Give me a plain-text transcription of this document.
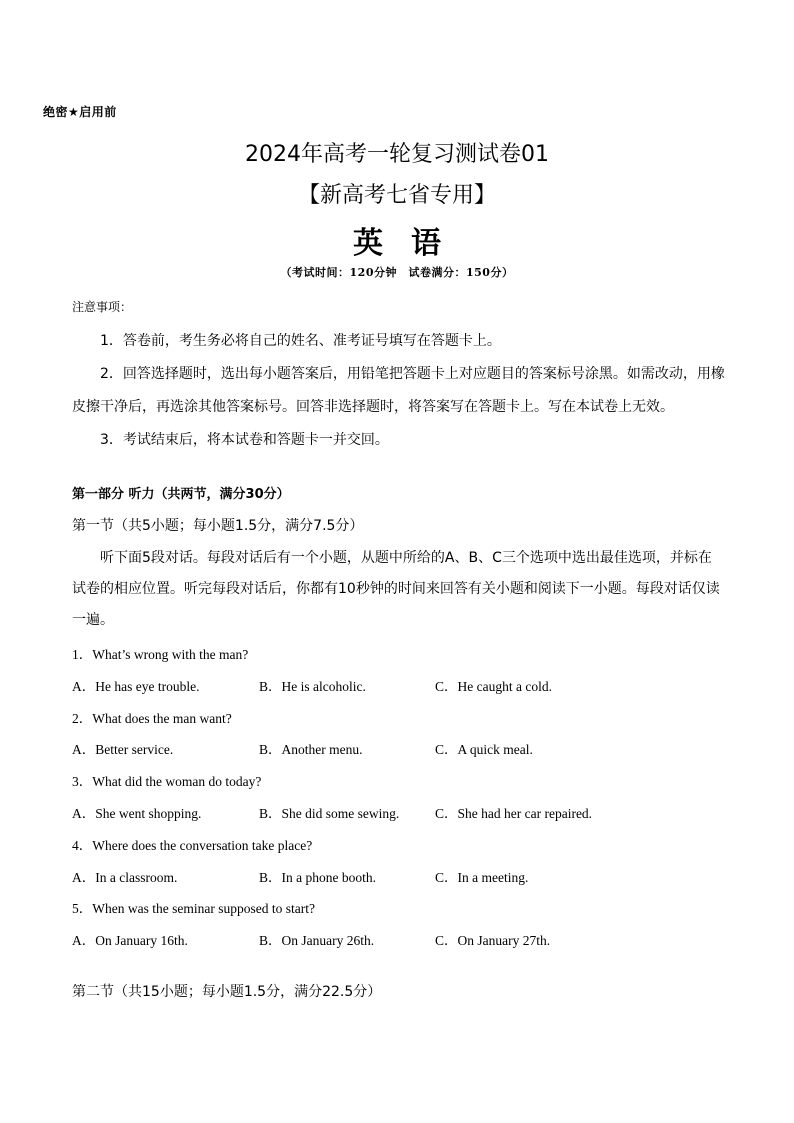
绝密★启用前
2024年高考一轮复习测试卷01
【新高考七省专用】
英语
（考试时间：120分钟　试卷满分：150分）
注意事项：
1．答卷前，考生务必将自己的姓名、准考证号填写在答题卡上。
2．回答选择题时，选出每小题答案后，用铅笔把答题卡上对应题目的答案标号涂黑。如需改动，用橡
皮擦干净后，再选涂其他答案标号。回答非选择题时，将答案写在答题卡上。写在本试卷上无效。
3．考试结束后，将本试卷和答题卡一并交回。
第一部分 听力（共两节，满分30分）
第一节（共5小题；每小题1.5分，满分7.5分）
听下面5段对话。每段对话后有一个小题，从题中所给的A、B、C三个选项中选出最佳选项，并标在
试卷的相应位置。听完每段对话后，你都有10秒钟的时间来回答有关小题和阅读下一小题。每段对话仅读
一遍。
1．What’s wrong with the man?
A．He has eye trouble.	B．He is alcoholic.	C．He caught a cold.
2．What does the man want?
A．Better service.	B．Another menu.	C．A quick meal.
3．What did the woman do today?
A．She went shopping.	B．She did some sewing.	C．She had her car repaired.
4．Where does the conversation take place?
A．In a classroom.	B．In a phone booth.	C．In a meeting.
5．When was the seminar supposed to start?
A．On January 16th.	B．On January 26th.	C．On January 27th.
第二节（共15小题；每小题1.5分，满分22.5分）
